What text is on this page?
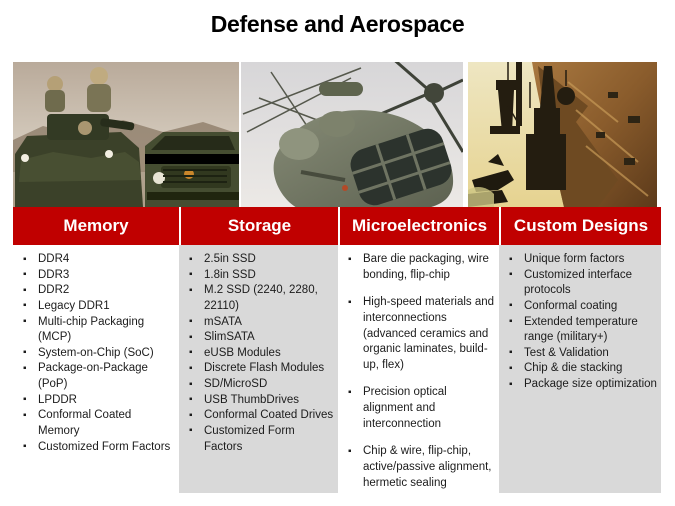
Defense and Aerospace
Memory
▪ DDR4
▪ DDR3
▪ DDR2
▪ Legacy DDR1
▪ Multi-chip Packaging (MCP)
▪ System-on-Chip (SoC)
▪ Package-on-Package (PoP)
▪ LPDDR
▪ Conformal Coated Memory
▪ Customized Form Factors
Storage
▪ 2.5in SSD
▪ 1.8in SSD
▪ M.2 SSD (2240, 2280, 22110)
▪ mSATA
▪ SlimSATA
▪ eUSB Modules
▪ Discrete Flash Modules
▪ SD/MicroSD
▪ USB ThumbDrives
▪ Conformal Coated Drives
▪ Customized Form Factors
Microelectronics
▪ Bare die packaging, wire bonding, flip-chip
▪ High-speed materials and interconnections (advanced ceramics and organic laminates, build-up, flex)
▪ Precision optical alignment and interconnection
▪ Chip & wire, flip-chip, active/passive alignment, hermetic sealing
Custom Designs
▪ Unique form factors
▪ Customized interface protocols
▪ Conformal coating
▪ Extended temperature range (military+)
▪ Test & Validation
▪ Chip & die stacking
▪ Package size optimization
